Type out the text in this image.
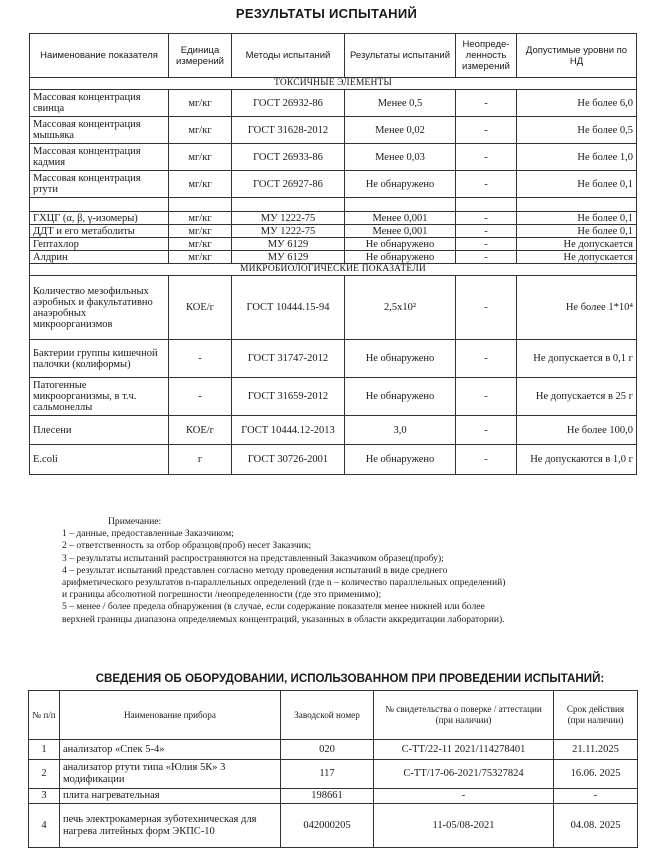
РЕЗУЛЬТАТЫ ИСПЫТАНИЙ
Наименование показателя	Единица измерений	Методы испытаний	Результаты испытаний	Неопреде-ленность измерений	Допустимые уровни по НД
ТОКСИЧНЫЕ ЭЛЕМЕНТЫ					
Массовая концентрация свинца	мг/кг	ГОСТ 26932-86	Менее 0,5	-	Не более 6,0
Массовая концентрация мышьяка	мг/кг	ГОСТ 31628-2012	Менее 0,02	-	Не более 0,5
Массовая концентрация кадмия	мг/кг	ГОСТ 26933-86	Менее 0,03	-	Не более 1,0
Массовая концентрация ртути	мг/кг	ГОСТ 26927-86	Не обнаружено	-	Не более 0,1

ГХЦГ (α, β, γ-изомеры)	мг/кг	МУ 1222-75	Менее 0,001	-	Не более 0,1
ДДТ и его метаболиты	мг/кг	МУ 1222-75	Менее 0,001	-	Не более 0,1
Гептахлор	мг/кг	МУ 6129	Не обнаружено	-	Не допускается
Алдрин	мг/кг	МУ 6129	Не обнаружено	-	Не допускается
МИКРОБИОЛОГИЧЕСКИЕ ПОКАЗАТЕЛИ					
Количество мезофильных аэробных и факультативно анаэробных микроорганизмов	КОЕ/г	ГОСТ 10444.15-94	2,5x10²	-	Не более 1*10⁴
Бактерии группы кишечной палочки (колиформы)	-	ГОСТ 31747-2012	Не обнаружено	-	Не допускается в 0,1 г
Патогенные микроорганизмы, в т.ч. сальмонеллы	-	ГОСТ 31659-2012	Не обнаружено	-	Не допускается в 25 г
Плесени	КОЕ/г	ГОСТ 10444.12-2013	3,0	-	Не более 100,0
E.coli	г	ГОСТ 30726-2001	Не обнаружено	-	Не допускаются в 1,0 г
Примечание:
1 – данные, предоставленные Заказчиком;
2 – ответственность за отбор образцов(проб) несет Заказчик;
3 – результаты испытаний распространяются на представленный Заказчиком образец(пробу);
4 – результат испытаний представлен согласно методу проведения испытаний в виде среднего
арифметического результатов n-параллельных определений (где n – количество параллельных определений)
и границы абсолютной погрешности /неопределенности (где это применимо);
5 – менее / более предела обнаружения (в случае, если содержание показателя менее нижней или более
верхней границы диапазона определяемых концентраций, указанных в области аккредитации лаборатории).
СВЕДЕНИЯ ОБ ОБОРУДОВАНИИ, ИСПОЛЬЗОВАННОМ ПРИ ПРОВЕДЕНИИ ИСПЫТАНИЙ:
№ п/п	Наименование прибора	Заводской номер	№ свидетельства о поверке / аттестации (при наличии)	Срок действия (при наличии)
1	анализатор «Спек 5-4»	020	С-ТТ/22-11 2021/114278401	21.11.2025
2	анализатор ртути типа «Юлия 5К» 3 модификации	117	С-ТТ/17-06-2021/75327824	16.06. 2025
3	плита нагревательная	198661	-	-
4	печь электрокамерная зуботехническая для нагрева литейных форм ЭКПС-10	042000205	11-05/08-2021	04.08. 2025
